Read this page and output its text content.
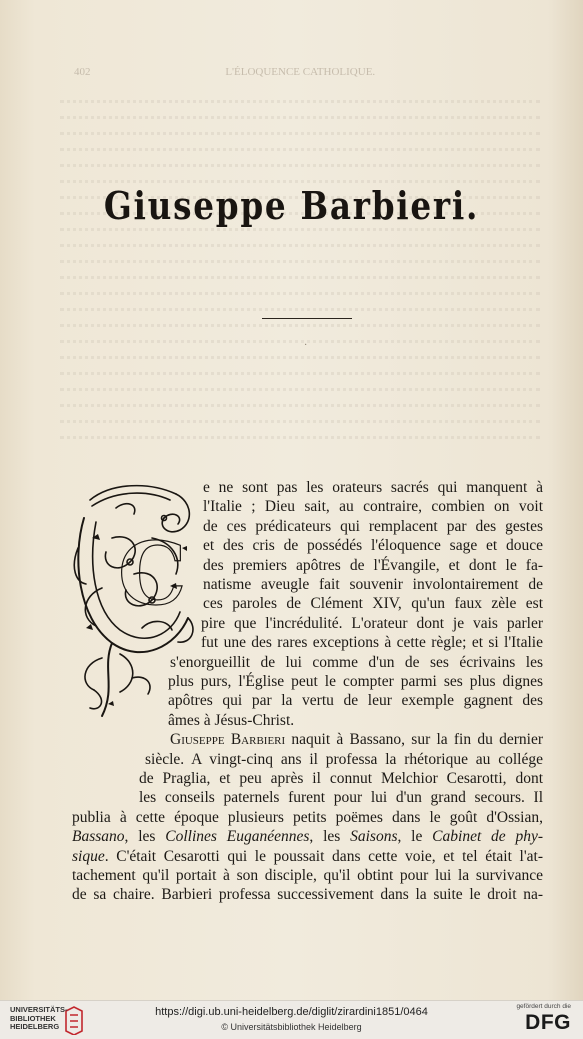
402	L'ÉLOQUENCE CATHOLIQUE.
Giuseppe Barbieri.
·
C
e ne sont pas les orateurs sacrés qui manquent à
l'Italie ; Dieu sait, au contraire, combien on voit
de ces prédicateurs qui remplacent par des gestes
et des cris de possédés l'éloquence sage et douce
des premiers apôtres de l'Évangile, et dont le fa-
natisme aveugle fait souvenir involontairement de
ces paroles de Clément XIV, qu'un faux zèle est
pire que l'incrédulité. L'orateur dont je vais parler
fut une des rares exceptions à cette règle; et si l'Italie
s'enorgueillit de lui comme d'un de ses écrivains les
plus purs, l'Église peut le compter parmi ses plus dignes
apôtres qui par la vertu de leur exemple gagnent des
âmes à Jésus-Christ.
Giuseppe Barbieri naquit à Bassano, sur la fin du dernier
siècle. A vingt-cinq ans il professa la rhétorique au collége
de Praglia, et peu après il connut Melchior Cesarotti, dont
les conseils paternels furent pour lui d'un grand secours. Il
publia à cette époque plusieurs petits poëmes dans le goût d'Ossian,
Bassano, les Collines Euganéennes, les Saisons, le Cabinet de phy-
sique. C'était Cesarotti qui le poussait dans cette voie, et tel était l'at-
tachement qu'il portait à son disciple, qu'il obtint pour lui la survivance
de sa chaire. Barbieri professa successivement dans la suite le droit na-
UNIVERSITÄTS-
BIBLIOTHEK
HEIDELBERG
https://digi.ub.uni-heidelberg.de/diglit/zirardini1851/0464
© Universitätsbibliothek Heidelberg
gefördert durch die
DFG
